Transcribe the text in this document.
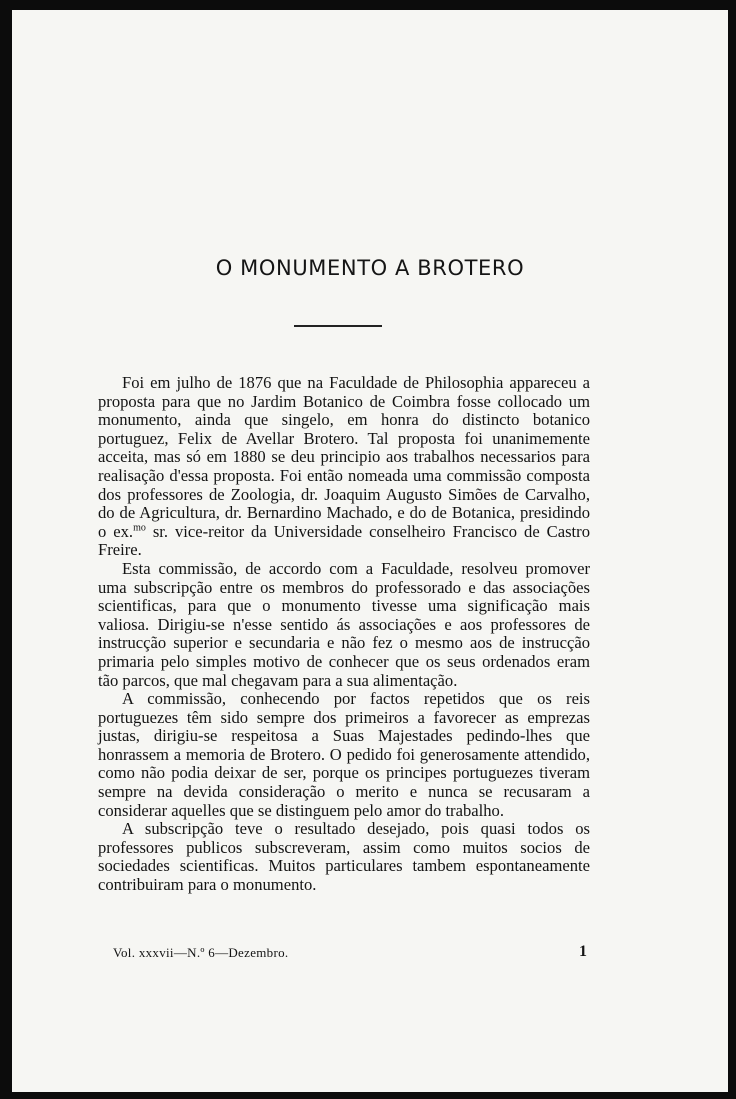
O MONUMENTO A BROTERO

Foi em julho de 1876 que na Faculdade de Philosophia appareceu a proposta para que no Jardim Botanico de Coimbra fosse collocado um monumento, ainda que singelo, em honra do distincto botanico portuguez, Felix de Avellar Brotero. Tal proposta foi unanimemente acceita, mas só em 1880 se deu principio aos trabalhos necessarios para realisação d'essa proposta. Foi então nomeada uma commissão composta dos professores de Zoologia, dr. Joaquim Augusto Simões de Carvalho, do de Agricultura, dr. Bernardino Machado, e do de Botanica, presidindo o ex.$^{mo}$ sr. vice-reitor da Universidade conselheiro Francisco de Castro Freire.

Esta commissão, de accordo com a Faculdade, resolveu promover uma subscripção entre os membros do professorado e das associações scientificas, para que o monumento tivesse uma significação mais valiosa. Dirigiu-se n'esse sentido ás associações e aos professores de instrucção superior e secundaria e não fez o mesmo aos de instrucção primaria pelo simples motivo de conhecer que os seus ordenados eram tão parcos, que mal chegavam para a sua alimentação.

A commissão, conhecendo por factos repetidos que os reis portuguezes têm sido sempre dos primeiros a favorecer as emprezas justas, dirigiu-se respeitosa a Suas Majestades pedindo-lhes que honrassem a memoria de Brotero. O pedido foi generosamente attendido, como não podia deixar de ser, porque os principes portuguezes tiveram sempre na devida consideração o merito e nunca se recusaram a considerar aquelles que se distinguem pelo amor do trabalho.

A subscripção teve o resultado desejado, pois quasi todos os professores publicos subscreveram, assim como muitos socios de sociedades scientificas. Muitos particulares tambem espontaneamente contribuiram para o monumento.

Vol. xxxvii—N.º 6—Dezembro.	1
